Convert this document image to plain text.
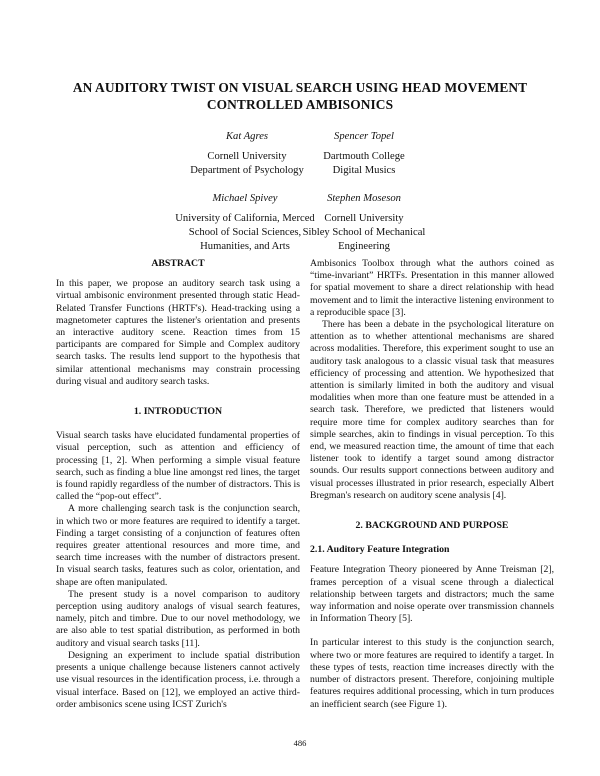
AN AUDITORY TWIST ON VISUAL SEARCH USING HEAD MOVEMENT CONTROLLED AMBISONICS
Kat Agres
Cornell University
Department of Psychology
Spencer Topel
Dartmouth College
Digital Musics
Michael Spivey
University of California, Merced
School of Social Sciences,
Humanities, and Arts
Stephen Moseson
Cornell University
Sibley School of Mechanical
Engineering
ABSTRACT

In this paper, we propose an auditory search task using a virtual ambisonic environment presented through static Head-Related Transfer Functions (HRTF's). Head-tracking using a magnetometer captures the listener's orientation and presents an interactive auditory scene. Reaction times from 15 participants are compared for Simple and Complex auditory search tasks. The results lend support to the hypothesis that similar attentional mechanisms may constrain processing during visual and auditory search tasks.

1. INTRODUCTION

Visual search tasks have elucidated fundamental properties of visual perception, such as attention and efficiency of processing [1, 2]. When performing a simple visual feature search, such as finding a blue line amongst red lines, the target is found rapidly regardless of the number of distractors. This is called the “pop-out effect”.

A more challenging search task is the conjunction search, in which two or more features are required to identify a target. Finding a target consisting of a conjunction of features often requires greater attentional resources and more time, and search time increases with the number of distractors present. In visual search tasks, features such as color, orientation, and shape are often manipulated.

The present study is a novel comparison to auditory perception using auditory analogs of visual search features, namely, pitch and timbre. Due to our novel methodology, we are also able to test spatial distribution, as performed in both auditory and visual search tasks [11].

Designing an experiment to include spatial distribution presents a unique challenge because listeners cannot actively use visual resources in the identification process, i.e. through a visual interface. Based on [12], we employed an active third-order ambisonics scene using ICST Zurich's

Ambisonics Toolbox through what the authors coined as “time-invariant” HRTFs. Presentation in this manner allowed for spatial movement to share a direct relationship with head movement and to limit the interactive listening environment to a reproducible space [3].

There has been a debate in the psychological literature on attention as to whether attentional mechanisms are shared across modalities. Therefore, this experiment sought to use an auditory task analogous to a classic visual task that measures efficiency of processing and attention. We hypothesized that attention is similarly limited in both the auditory and visual modalities when more than one feature must be attended in a search task. Therefore, we predicted that listeners would require more time for complex auditory searches than for simple searches, akin to findings in visual perception. To this end, we measured reaction time, the amount of time that each listener took to identify a target sound among distractor sounds. Our results support connections between auditory and visual processes illustrated in prior research, especially Albert Bregman's research on auditory scene analysis [4].

2. BACKGROUND AND PURPOSE
2.1. Auditory Feature Integration

Feature Integration Theory pioneered by Anne Treisman [2], frames perception of a visual scene through a dialectical relationship between targets and distractors; much the same way information and noise operate over transmission channels in Information Theory [5].

In particular interest to this study is the conjunction search, where two or more features are required to identify a target. In these types of tests, reaction time increases directly with the number of distractors present. Therefore, conjoining multiple features requires additional processing, which in turn produces an inefficient search (see Figure 1).

486
